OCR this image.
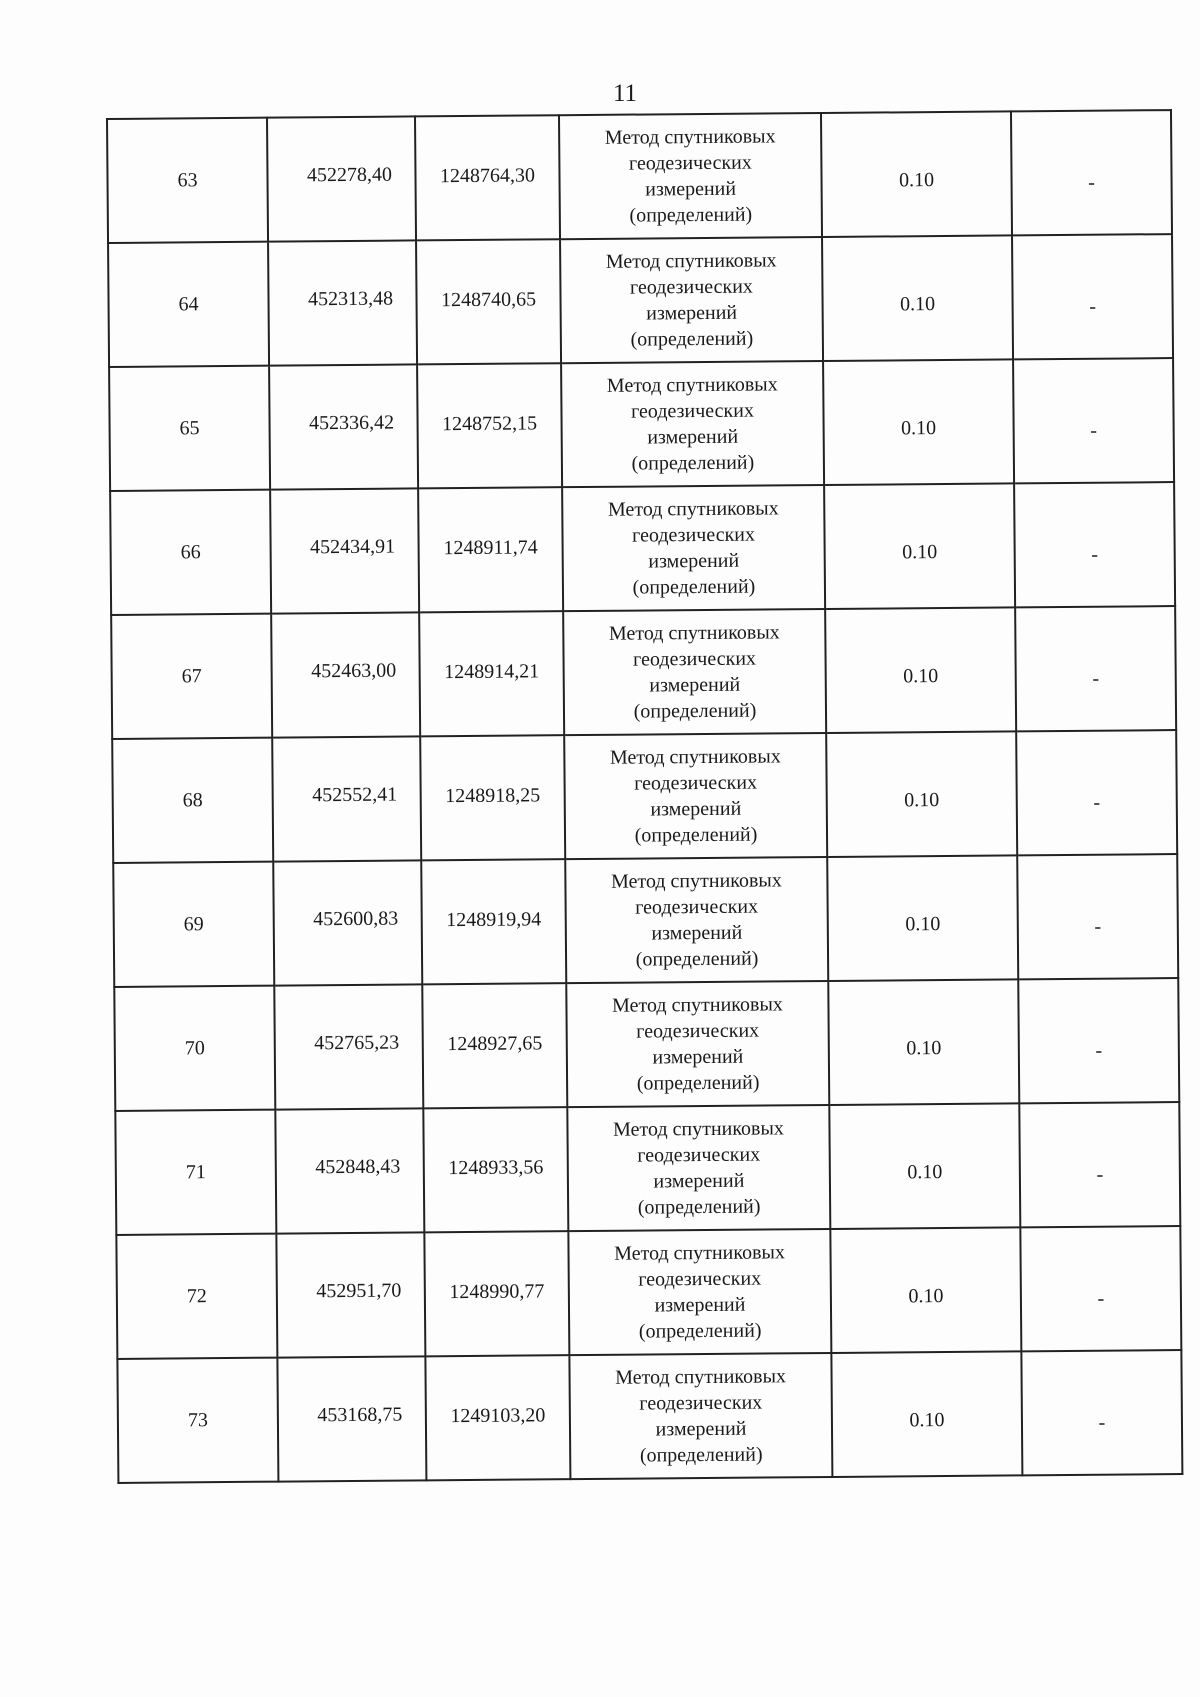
11
63	452278,40	1248764,30	Метод спутниковых
геодезических
измерений
(определений)	0.10	-
64	452313,48	1248740,65	Метод спутниковых
геодезических
измерений
(определений)	0.10	-
65	452336,42	1248752,15	Метод спутниковых
геодезических
измерений
(определений)	0.10	-
66	452434,91	1248911,74	Метод спутниковых
геодезических
измерений
(определений)	0.10	-
67	452463,00	1248914,21	Метод спутниковых
геодезических
измерений
(определений)	0.10	-
68	452552,41	1248918,25	Метод спутниковых
геодезических
измерений
(определений)	0.10	-
69	452600,83	1248919,94	Метод спутниковых
геодезических
измерений
(определений)	0.10	-
70	452765,23	1248927,65	Метод спутниковых
геодезических
измерений
(определений)	0.10	-
71	452848,43	1248933,56	Метод спутниковых
геодезических
измерений
(определений)	0.10	-
72	452951,70	1248990,77	Метод спутниковых
геодезических
измерений
(определений)	0.10	-
73	453168,75	1249103,20	Метод спутниковых
геодезических
измерений
(определений)	0.10	-
